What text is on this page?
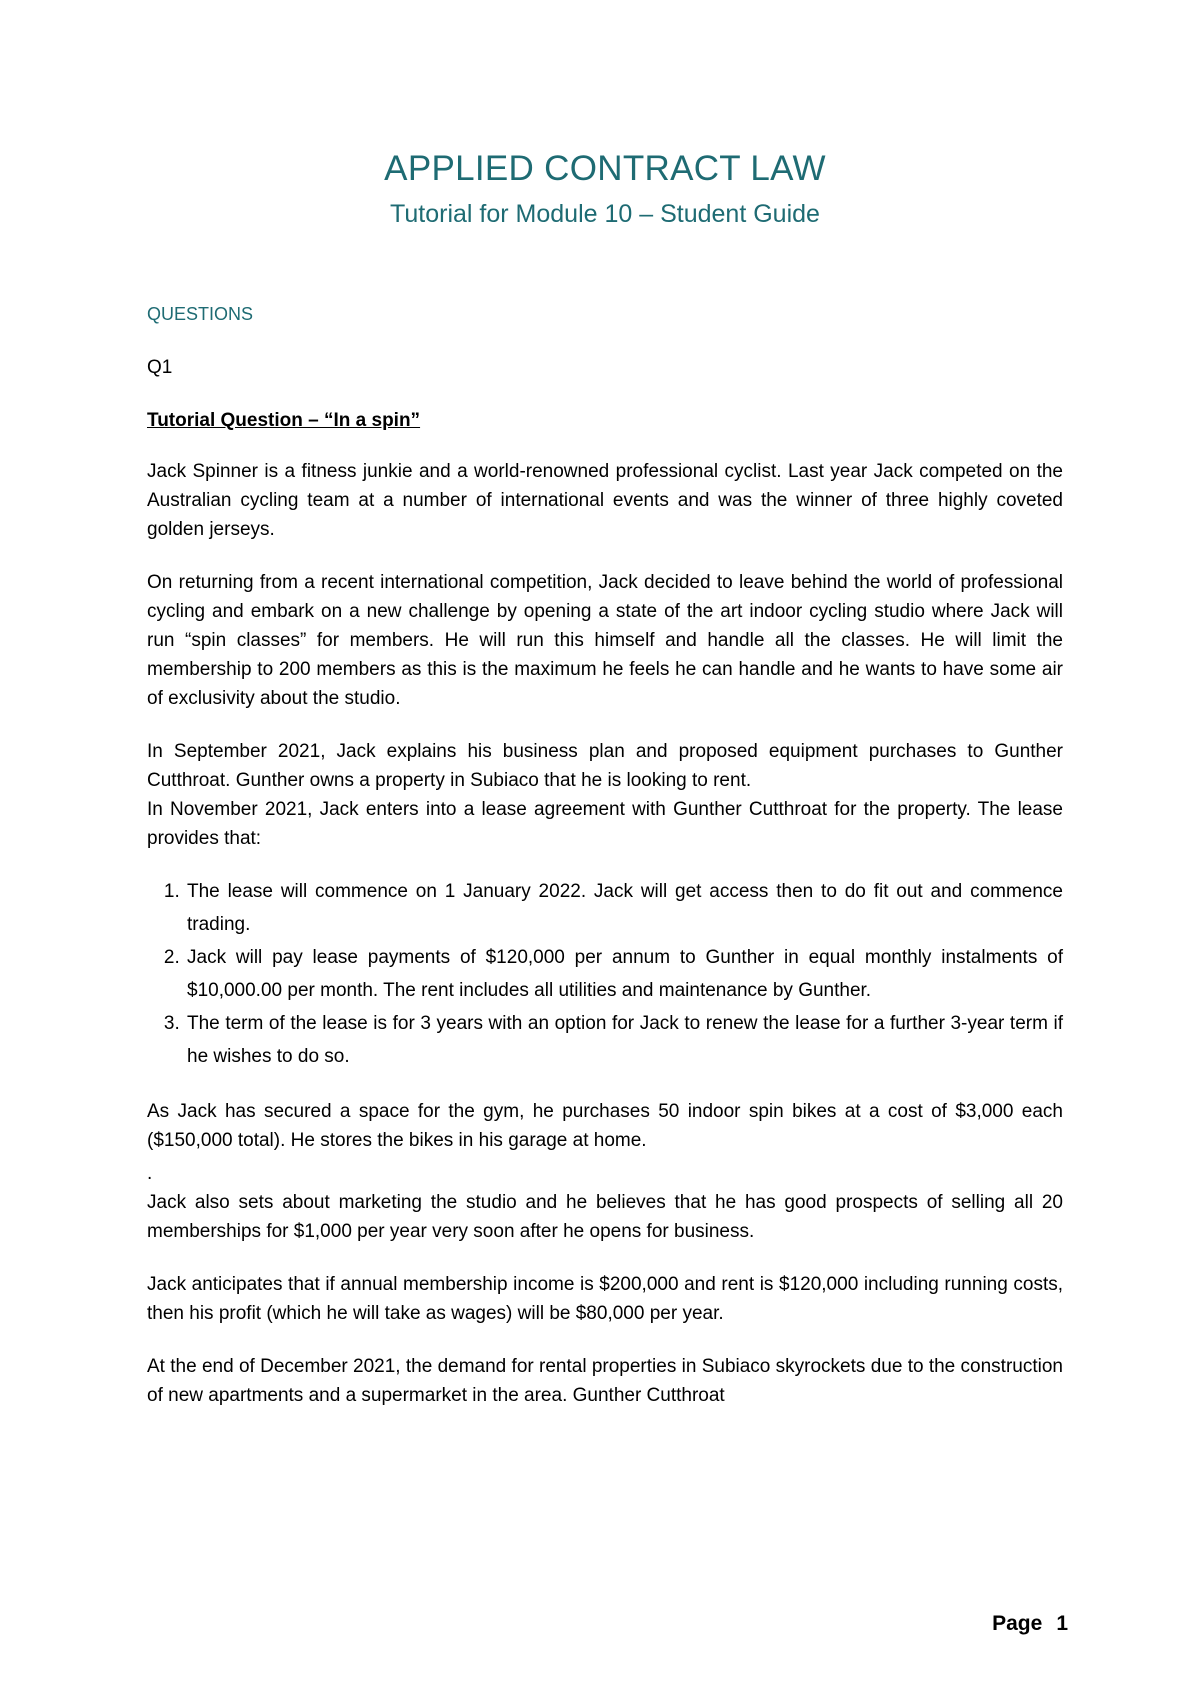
APPLIED CONTRACT LAW
Tutorial for Module 10 – Student Guide
QUESTIONS
Q1
Tutorial Question – “In a spin”

Jack Spinner is a fitness junkie and a world-renowned professional cyclist. Last year Jack competed on the Australian cycling team at a number of international events and was the winner of three highly coveted golden jerseys.

On returning from a recent international competition, Jack decided to leave behind the world of professional cycling and embark on a new challenge by opening a state of the art indoor cycling studio where Jack will run “spin classes” for members. He will run this himself and handle all the classes. He will limit the membership to 200 members as this is the maximum he feels he can handle and he wants to have some air of exclusivity about the studio.

In September 2021, Jack explains his business plan and proposed equipment purchases to Gunther Cutthroat. Gunther owns a property in Subiaco that he is looking to rent.

In November 2021, Jack enters into a lease agreement with Gunther Cutthroat for the property. The lease provides that:

1. The lease will commence on 1 January 2022. Jack will get access then to do fit out and commence trading.
2. Jack will pay lease payments of $120,000 per annum to Gunther in equal monthly instalments of $10,000.00 per month. The rent includes all utilities and maintenance by Gunther.
3. The term of the lease is for 3 years with an option for Jack to renew the lease for a further 3-year term if he wishes to do so.

As Jack has secured a space for the gym, he purchases 50 indoor spin bikes at a cost of $3,000 each ($150,000 total). He stores the bikes in his garage at home.

.

Jack also sets about marketing the studio and he believes that he has good prospects of selling all 20 memberships for $1,000 per year very soon after he opens for business.

Jack anticipates that if annual membership income is $200,000 and rent is $120,000 including running costs, then his profit (which he will take as wages) will be $80,000 per year.

At the end of December 2021, the demand for rental properties in Subiaco skyrockets due to the construction of new apartments and a supermarket in the area. Gunther Cutthroat

Page 1
